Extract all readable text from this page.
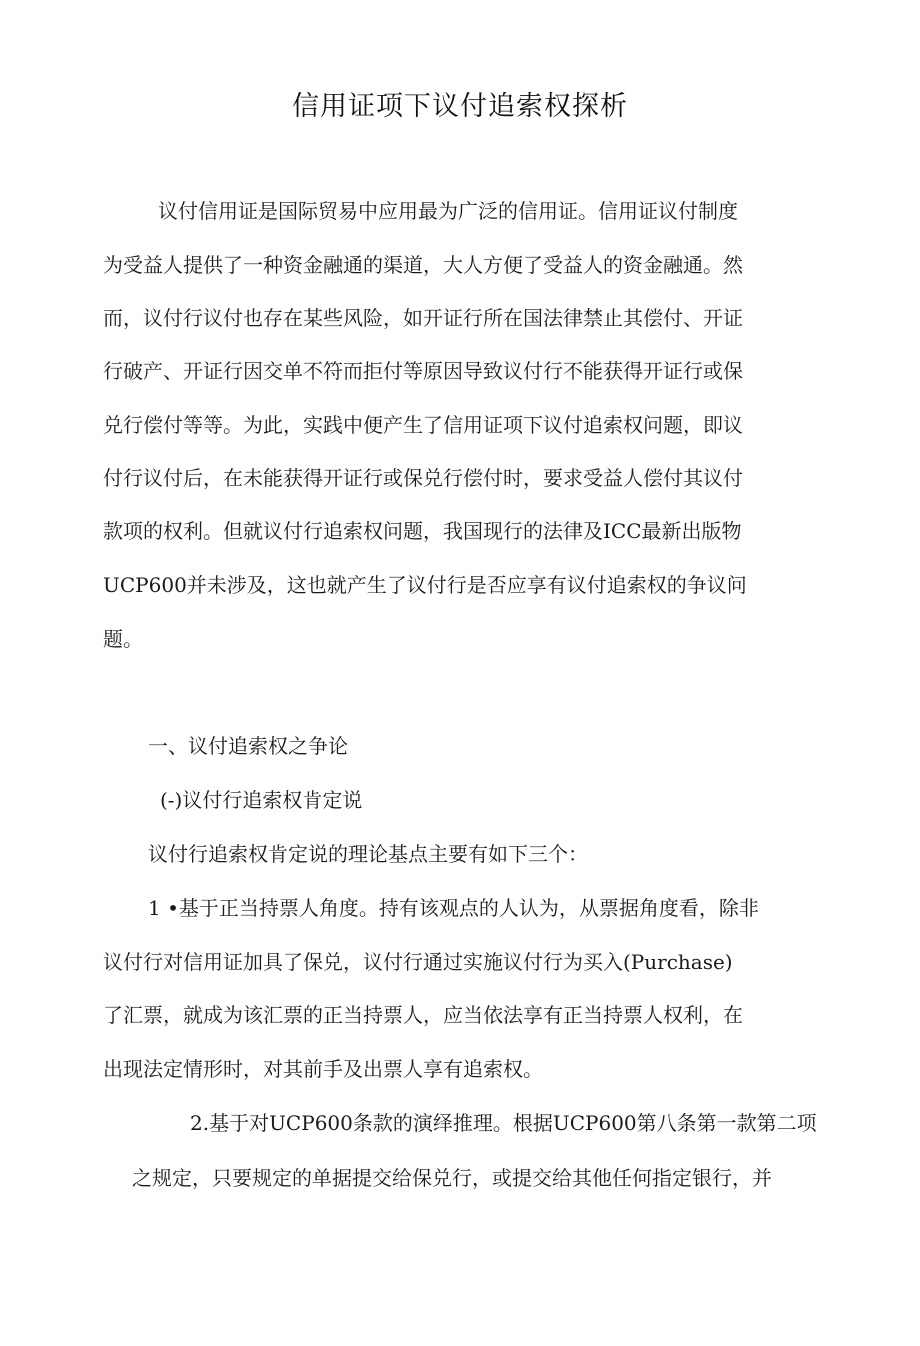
信用证项下议付追索权探析
议付信用证是国际贸易中应用最为广泛的信用证。信用证议付制度
为受益人提供了一种资金融通的渠道，大人方便了受益人的资金融通。然
而，议付行议付也存在某些风险，如开证行所在国法律禁止其偿付、开证
行破产、开证行因交单不符而拒付等原因导致议付行不能获得开证行或保
兑行偿付等等。为此，实践中便产生了信用证项下议付追索权问题，即议
付行议付后，在未能获得开证行或保兑行偿付时，要求受益人偿付其议付
款项的权利。但就议付行追索权问题，我国现行的法律及ICC最新出版物
UCP600并未涉及，这也就产生了议付行是否应享有议付追索权的争议问
题。
一、议付追索权之争论
(-)议付行追索权肯定说
议付行追索权肯定说的理论基点主要有如下三个：
1 •基于正当持票人角度。持有该观点的人认为，从票据角度看，除非
议付行对信用证加具了保兑，议付行通过实施议付行为买入(Purchase)
了汇票，就成为该汇票的正当持票人，应当依法享有正当持票人权利，在
出现法定情形时，对其前手及出票人享有追索权。
2.基于对UCP600条款的演绎推理。根据UCP600第八条第一款第二项
之规定，只要规定的单据提交给保兑行，或提交给其他任何指定银行，并
